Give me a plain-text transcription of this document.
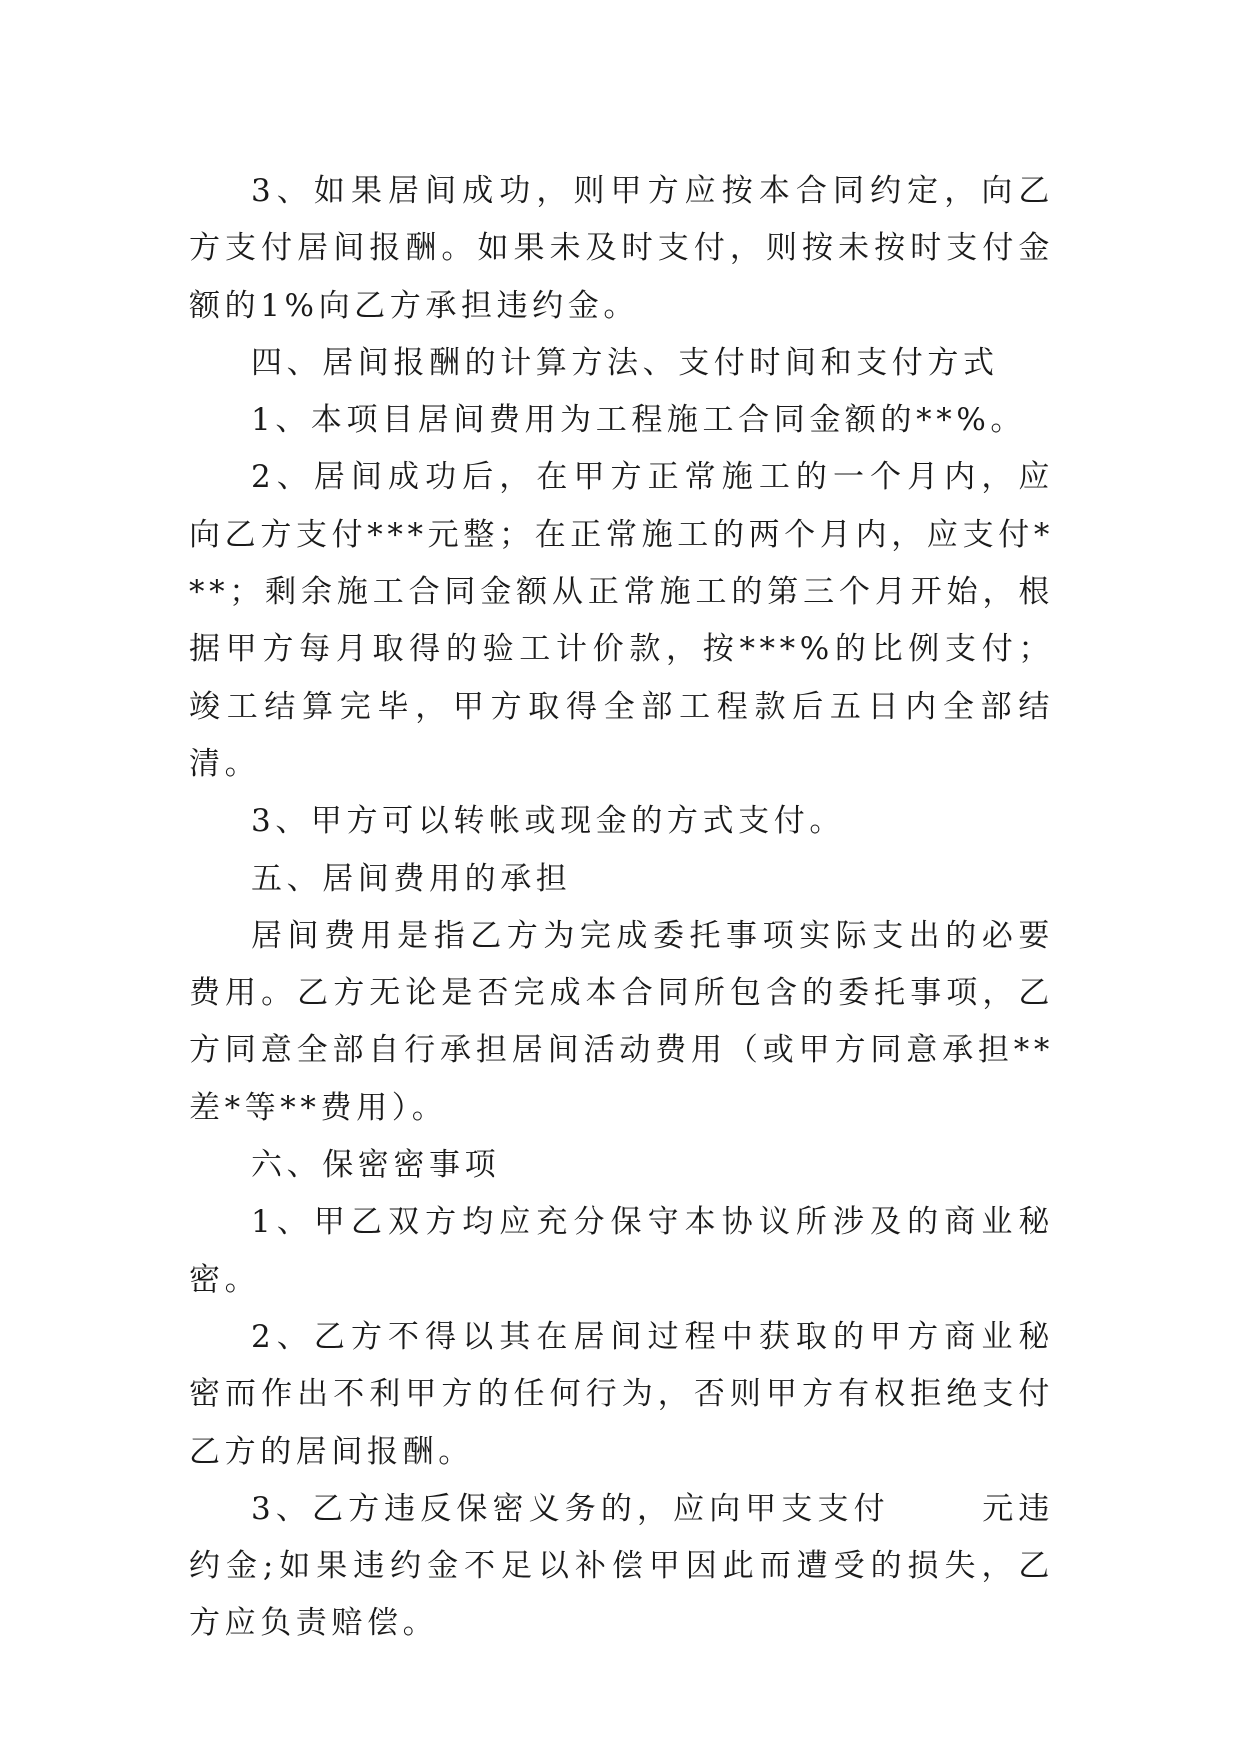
3、如果居间成功，则甲方应按本合同约定，向乙方支付居间报酬。如果未及时支付，则按未按时支付金额的1%向乙方承担违约金。

四、居间报酬的计算方法、支付时间和支付方式

1、本项目居间费用为工程施工合同金额的**%。

2、居间成功后，在甲方正常施工的一个月内，应向乙方支付***元整；在正常施工的两个月内，应支付***；剩余施工合同金额从正常施工的第三个月开始，根据甲方每月取得的验工计价款，按***%的比例支付；竣工结算完毕，甲方取得全部工程款后五日内全部结清。

3、甲方可以转帐或现金的方式支付。

五、居间费用的承担

居间费用是指乙方为完成委托事项实际支出的必要费用。乙方无论是否完成本合同所包含的委托事项，乙方同意全部自行承担居间活动费用（或甲方同意承担**差*等**费用）。

六、保密密事项

1、甲乙双方均应充分保守本协议所涉及的商业秘密。

2、乙方不得以其在居间过程中获取的甲方商业秘密而作出不利甲方的任何行为，否则甲方有权拒绝支付乙方的居间报酬。

3、乙方违反保密义务的，应向甲支支付	元违约金;如果违约金不足以补偿甲因此而遭受的损失，乙方应负责赔偿。
